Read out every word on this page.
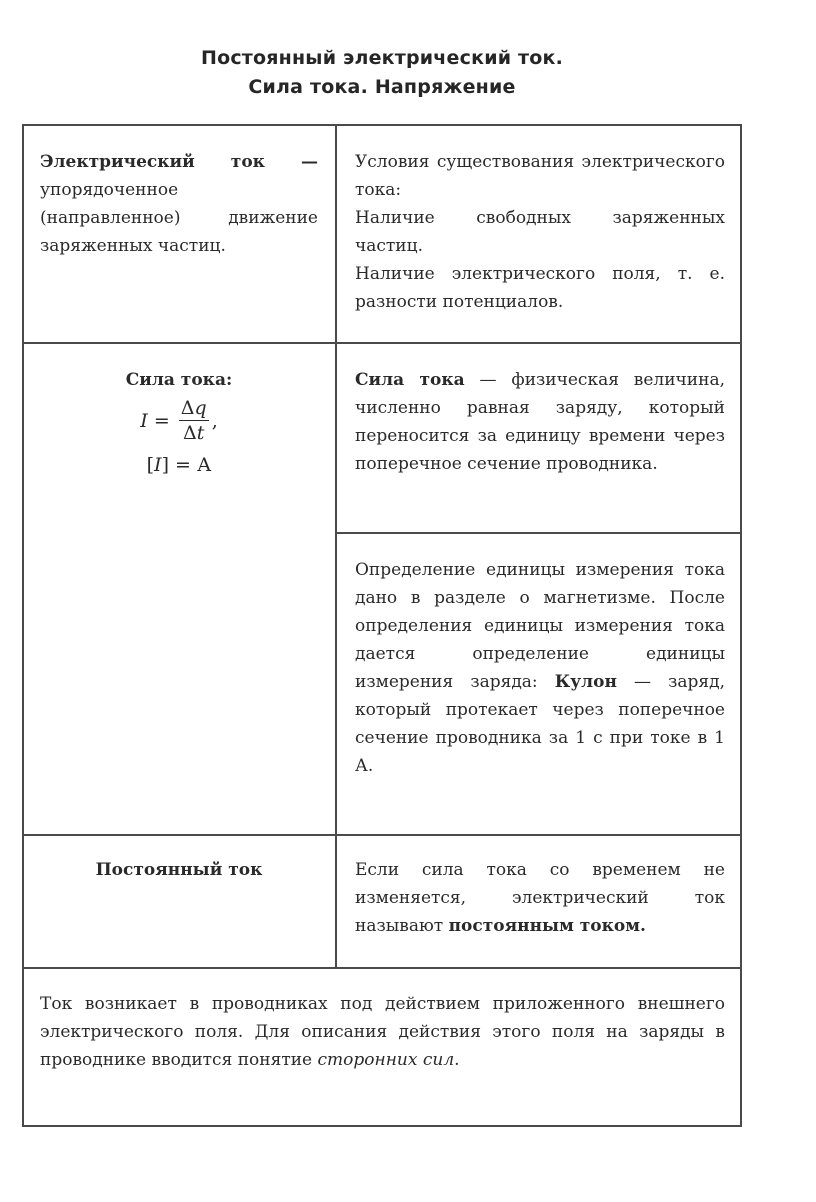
Постоянный электрический ток.
Сила тока. Напряжение

Электрический ток — упорядоченное (направленное) движение заряженных частиц.

Условия существования электрического тока:

Наличие свободных заряженных частиц.

Наличие электрического поля, т. е. разности потенциалов.

Сила тока:

$I = \frac{\Delta q}{\Delta t}$ ,
[I] = А

Сила тока — физическая величина, численно равная заряду, который переносится за единицу времени через поперечное сечение проводника.

Определение единицы измерения тока дано в разделе о магнетизме. После определения единицы измерения тока дается определение единицы измерения заряда: Кулон — заряд, который протекает через поперечное сечение проводника за 1 с при токе в 1 А.

Постоянный ток	Если сила тока со временем не изменяется, электрический ток называют постоянным током.

Ток возникает в проводниках под действием приложенного внешнего электрического поля. Для описания действия этого поля на заряды в проводнике вводится понятие сторонних сил.
